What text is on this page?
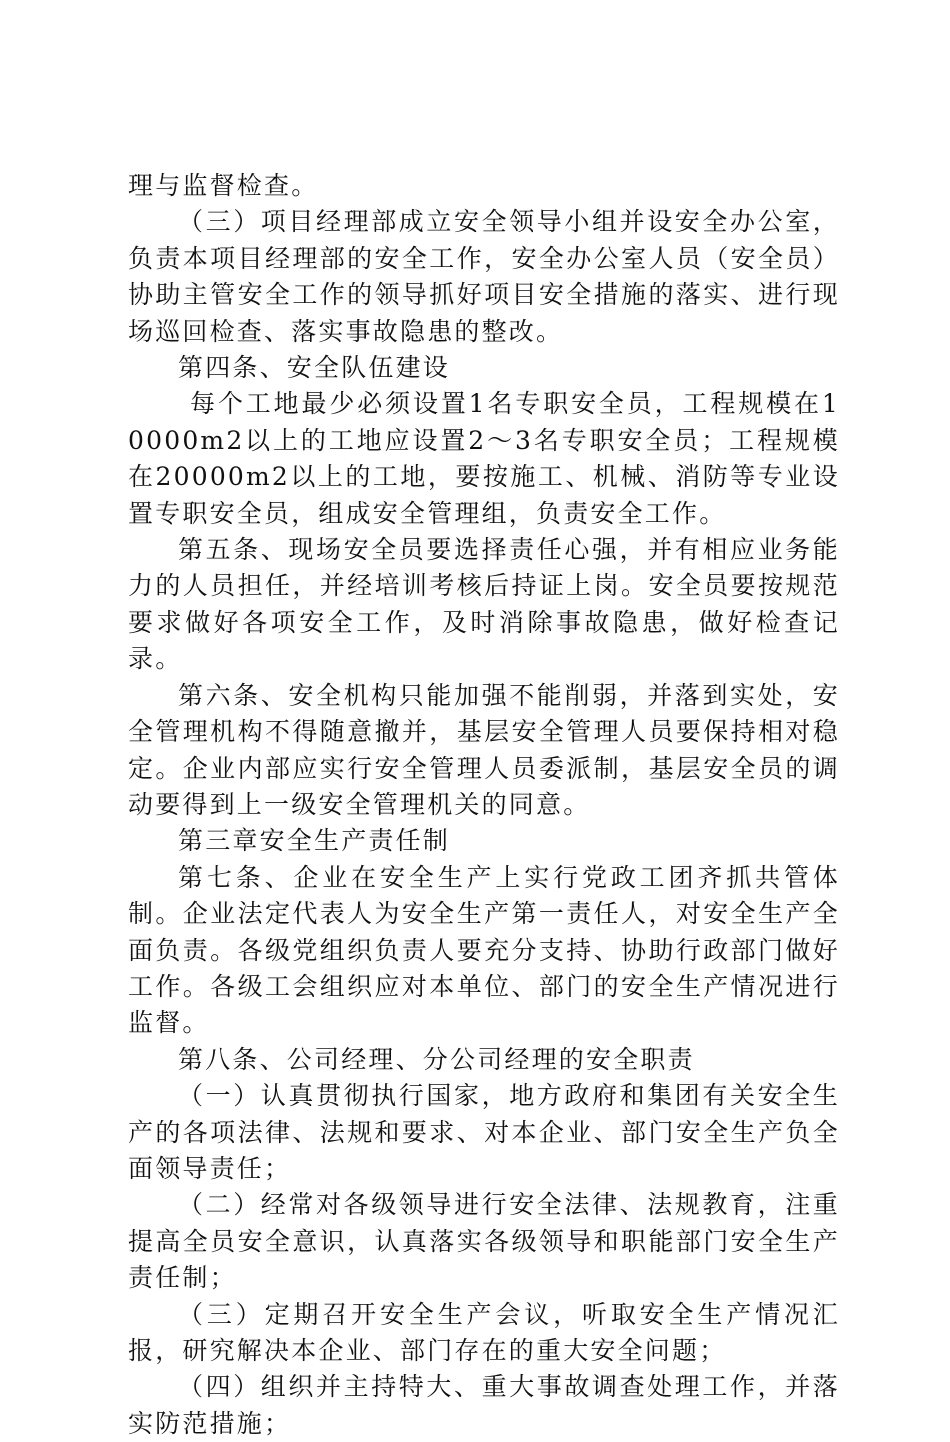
理与监督检查。

（三）项目经理部成立安全领导小组并设安全办公室，负责本项目经理部的安全工作，安全办公室人员（安全员）协助主管安全工作的领导抓好项目安全措施的落实、进行现场巡回检查、落实事故隐患的整改。

第四条、安全队伍建设

每个工地最少必须设置1名专职安全员，工程规模在10000m2以上的工地应设置2～3名专职安全员；工程规模在20000m2以上的工地，要按施工、机械、消防等专业设置专职安全员，组成安全管理组，负责安全工作。

第五条、现场安全员要选择责任心强，并有相应业务能力的人员担任，并经培训考核后持证上岗。安全员要按规范要求做好各项安全工作，及时消除事故隐患，做好检查记录。

第六条、安全机构只能加强不能削弱，并落到实处，安全管理机构不得随意撤并，基层安全管理人员要保持相对稳定。企业内部应实行安全管理人员委派制，基层安全员的调动要得到上一级安全管理机关的同意。

第三章安全生产责任制

第七条、企业在安全生产上实行党政工团齐抓共管体制。企业法定代表人为安全生产第一责任人，对安全生产全面负责。各级党组织负责人要充分支持、协助行政部门做好工作。各级工会组织应对本单位、部门的安全生产情况进行监督。

第八条、公司经理、分公司经理的安全职责

（一）认真贯彻执行国家，地方政府和集团有关安全生产的各项法律、法规和要求、对本企业、部门安全生产负全面领导责任；

（二）经常对各级领导进行安全法律、法规教育，注重提高全员安全意识，认真落实各级领导和职能部门安全生产责任制；

（三）定期召开安全生产会议，听取安全生产情况汇报，研究解决本企业、部门存在的重大安全问题；

（四）组织并主持特大、重大事故调查处理工作，并落实防范措施；
